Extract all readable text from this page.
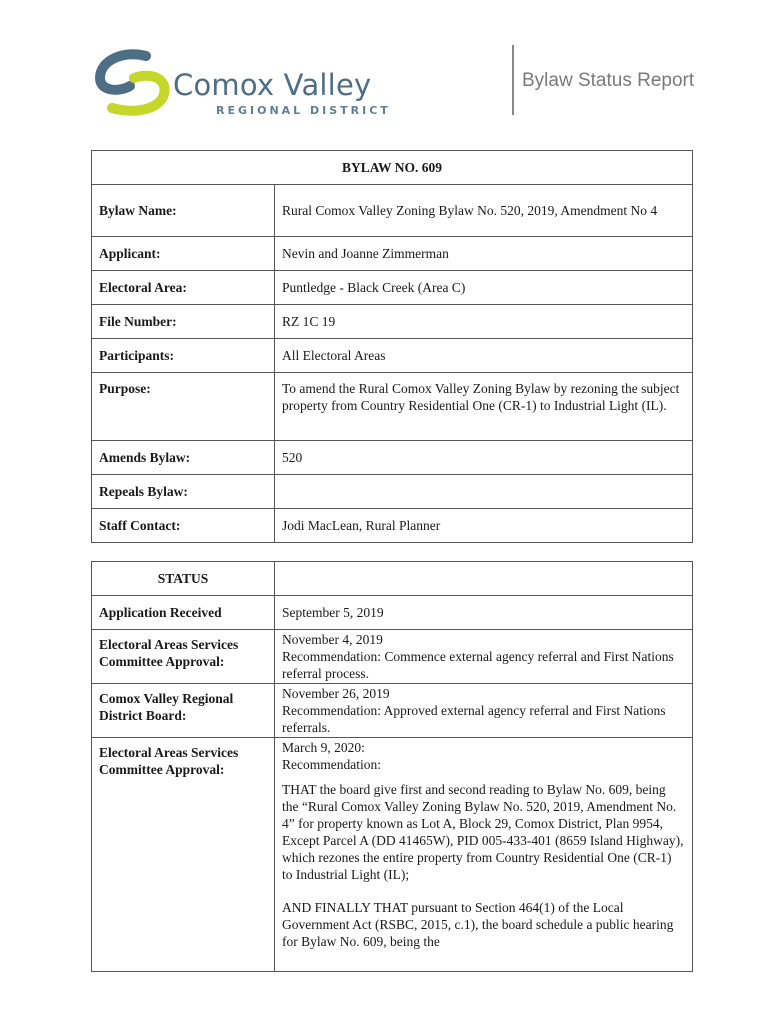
Comox Valley
REGIONAL DISTRICT
Bylaw Status Report
BYLAW NO. 609	
Bylaw Name:	Rural Comox Valley Zoning Bylaw No. 520, 2019, Amendment No 4
Applicant:	Nevin and Joanne Zimmerman
Electoral Area:	Puntledge - Black Creek (Area C)
File Number:	RZ 1C 19
Participants:	All Electoral Areas
Purpose:	To amend the Rural Comox Valley Zoning Bylaw by rezoning the subject property from Country Residential One (CR-1) to Industrial Light (IL).
Amends Bylaw:	520
Repeals Bylaw:	
Staff Contact:	Jodi MacLean, Rural Planner
STATUS	
Application Received	September 5, 2019
Electoral Areas Services Committee Approval:	November 4, 2019
Recommendation: Commence external agency referral and First Nations referral process.

Comox Valley Regional District Board:	November 26, 2019
Recommendation: Approved external agency referral and First Nations referrals.

Electoral Areas Services Committee Approval:	March 9, 2020:
Recommendation:
THAT the board give first and second reading to Bylaw No. 609, being the “Rural Comox Valley Zoning Bylaw No. 520, 2019, Amendment No. 4” for property known as Lot A, Block 29, Comox District, Plan 9954, Except Parcel A (DD 41465W), PID 005-433-401 (8659 Island Highway), which rezones the entire property from Country Residential One (CR-1) to Industrial Light (IL);
AND FINALLY THAT pursuant to Section 464(1) of the Local Government Act (RSBC, 2015, c.1), the board schedule a public hearing for Bylaw No. 609, being the
